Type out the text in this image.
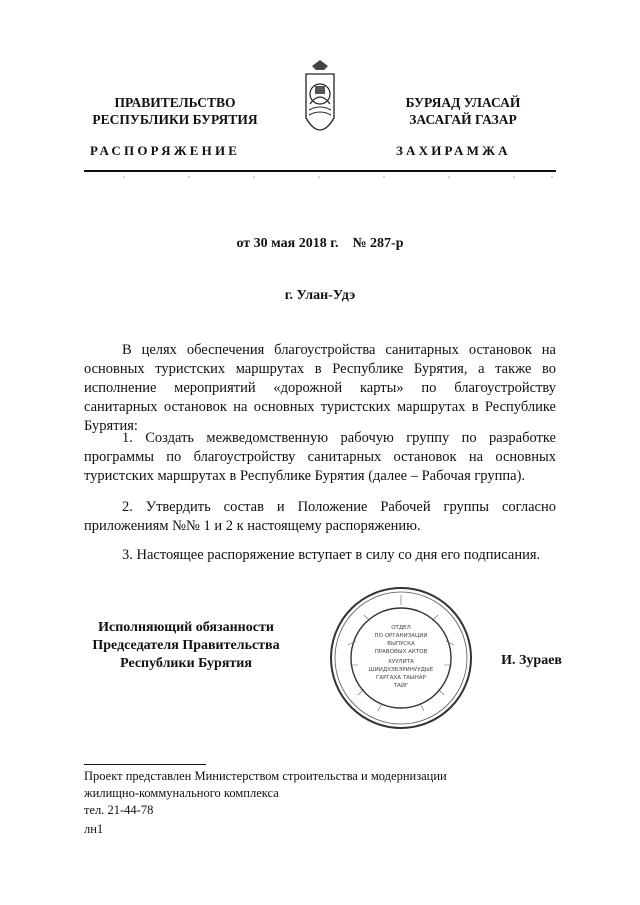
ПРАВИТЕЛЬСТВО
РЕСПУБЛИКИ БУРЯТИЯ
БУРЯАД УЛАСАЙ
ЗАСАГАЙ ГАЗАР
РАСПОРЯЖЕНИЕ	ЗАХИРАМЖА
от 30 мая 2018 г.    № 287-р
г. Улан-Удэ
В целях обеспечения благоустройства санитарных остановок на основных туристских маршрутах в Республике Бурятия, а также во исполнение мероприятий «дорожной карты» по благоустройству санитарных остановок на основных туристских маршрутах в Республике Бурятия:
1. Создать межведомственную рабочую группу по разработке программы по благоустройству санитарных остановок на основных туристских маршрутах в Республике Бурятия (далее – Рабочая группа).
2. Утвердить состав и Положение Рабочей группы согласно приложениям №№ 1 и 2 к настоящему распоряжению.
3. Настоящее распоряжение вступает в силу со дня его подписания.
Исполняющий обязанности
Председателя Правительства
Республики Бурятия
ОТДЕЛ
ПО ОРГАНИЗАЦИИ
ВЫПУСКА
ПРАВОВЫХ АКТОВ
ХУУЛИТА
ШИИДХЭБЭРИНУУДЫЕ
ГАРГАХА ТАЫНАР
ТАЙГ
И. Зураев
Проект представлен Министерством строительства и модернизации
жилищно-коммунального комплекса
тел. 21-44-78
лн1
